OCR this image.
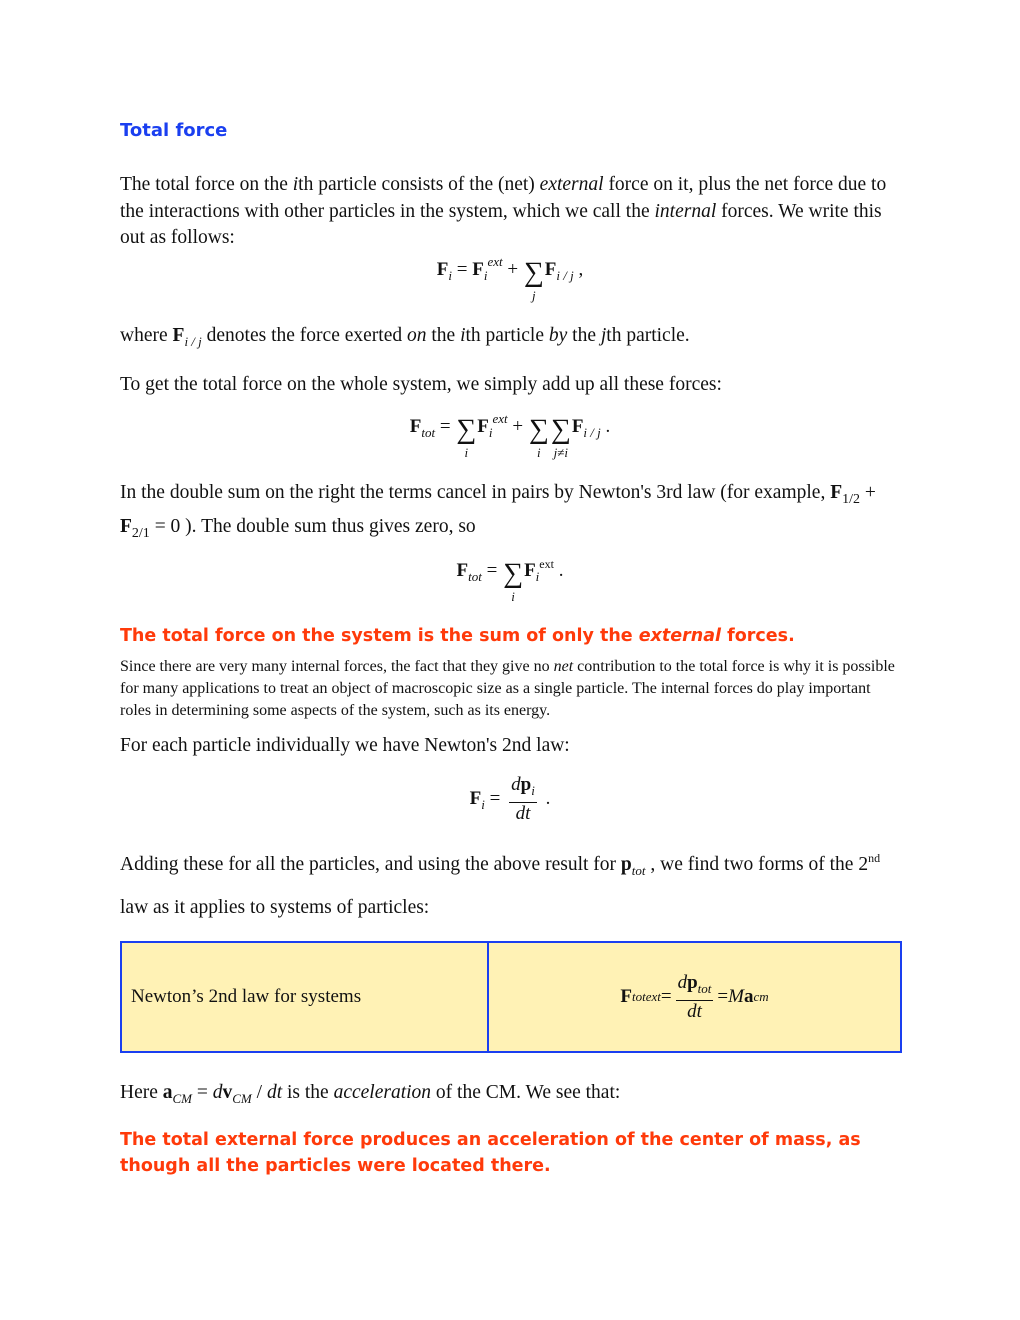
Total force
The total force on the ith particle consists of the (net) external force on it, plus the net force due to the interactions with other particles in the system, which we call the internal forces. We write this out as follows:
$F_i = F_i^{ext}$ + ∑
j
$F_{i / j}$ ,
where $F_{i / j}$ denotes the force exerted on the ith particle by the jth particle.
To get the total force on the whole system, we simply add up all these forces:
$F_{tot}$ = ∑
i
$F_i^{ext}$ + ∑
i
∑
j≠i
$F_{i / j}$ .
In the double sum on the right the terms cancel in pairs by Newton's 3rd law (for example, $F_{1/2} + F_{2/1} = 0$ ). The double sum thus gives zero, so
$F_{tot}$ = ∑
i
$F_i^{ext}$ .
The total force on the system is the sum of only the external forces.
Since there are very many internal forces, the fact that they give no net contribution to the total force is why it is possible for many applications to treat an object of macroscopic size as a single particle. The internal forces do play important roles in determining some aspects of the system, such as its energy.
For each particle individually we have Newton's 2nd law:
$F_i = \frac{dp_i}{dt}$ .
Adding these for all the particles, and using the above result for $p_{tot}$ , we find two forms of the 2nd law as it applies to systems of particles:
Newton’s 2nd law for systems	F tot ext = $\frac{dp_{tot}}{dt} = M$ a cm
Here $a_{CM} = dv_{CM}$ / dt is the acceleration of the CM. We see that:
The total external force produces an acceleration of the center of mass, as though all the particles were located there.
